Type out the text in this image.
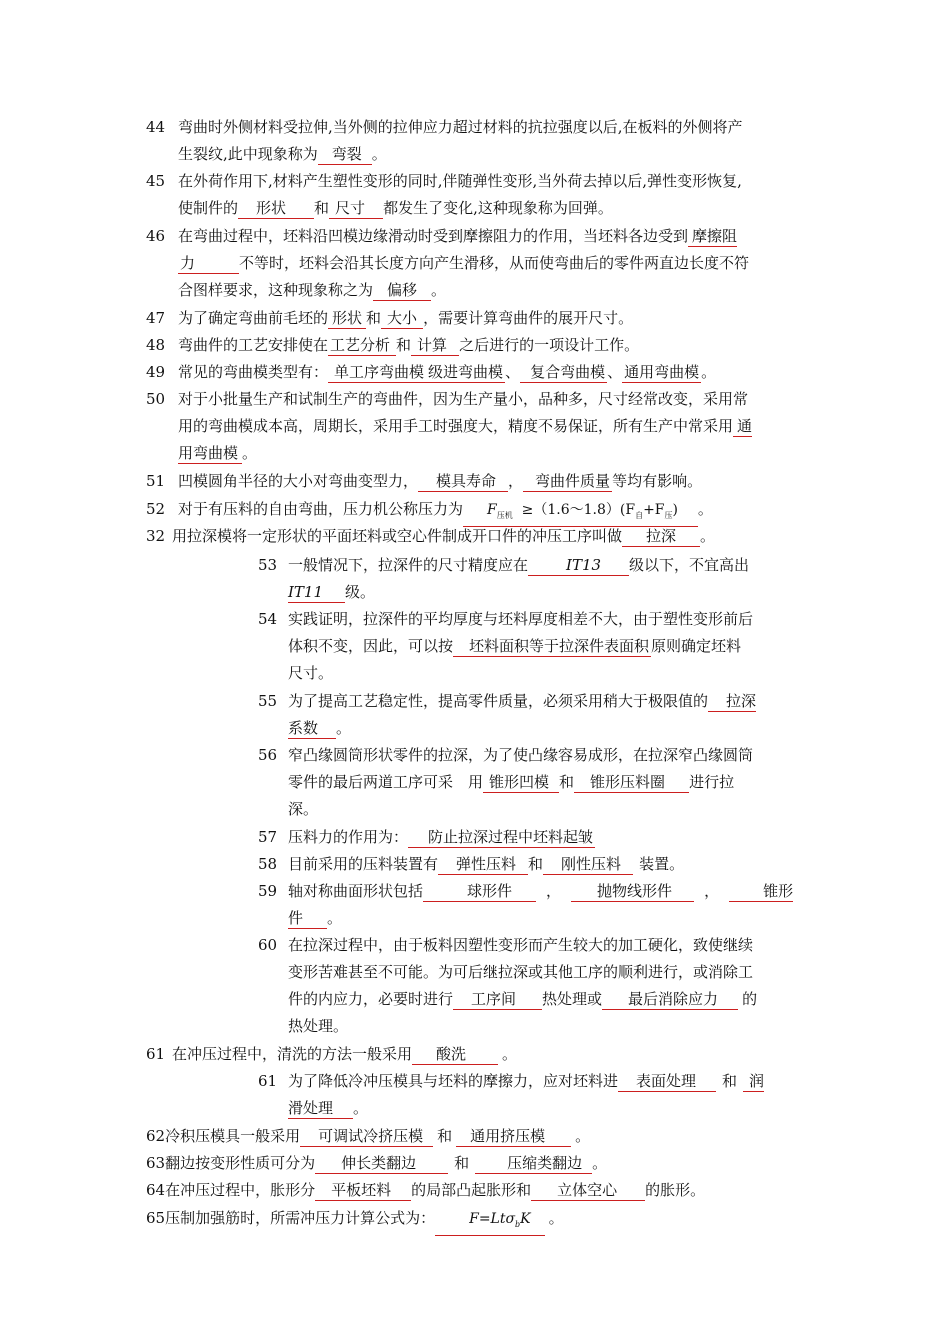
44 弯曲时外侧材料受拉伸,当外侧的拉伸应力超过材料的抗拉强度以后,在板料的外侧将产
生裂纹,此中现象称为 弯裂 。
45 在外荷作用下,材料产生塑性变形的同时,伴随弹性变形,当外荷去掉以后,弹性变形恢复,
使制件的 形状 和 尺寸 都发生了变化,这种现象称为回弹。
46 在弯曲过程中，坯料沿凹模边缘滑动时受到摩擦阻力的作用，当坯料各边受到 摩擦阻
力	不等时，坯料会沿其长度方向产生滑移，从而使弯曲后的零件两直边长度不符
合图样要求，这种现象称之为 偏移 。
47 为了确定弯曲前毛坯的 形状 和 大小 ，需要计算弯曲件的展开尺寸。
48 弯曲件的工艺安排使在 工艺分析 和 计算 之后进行的一项设计工作。
49 常见的弯曲模类型有： 单工序弯曲模 级进弯曲模 、 复合弯曲模 、 通用弯曲模 。
50 对于小批量生产和试制生产的弯曲件，因为生产量小，品种多，尺寸经常改变，采用常
用的弯曲模成本高，周期长，采用手工时强度大，精度不易保证，所有生产中常采用 通
用弯曲模 。
51 凹模圆角半径的大小对弯曲变型力， 模具寿命 ， 弯曲件质量 等均有影响。
52 对于有压料的自由弯曲，压力机公称压力为 $F_{压机}$ $\ge(1.6\sim 1.8)(F_自+F_压)$ 。
32 用拉深模将一定形状的平面坯料或空心件制成开口件的冲压工序叫做 拉深 。
53 一般情况下，拉深件的尺寸精度应在	IT13 级以下，不宜高出
IT11 级。
54 实践证明，拉深件的平均厚度与坯料厚度相差不大，由于塑性变形前后
体积不变，因此，可以按 坯料面积等于拉深件表面积 原则确定坯料
尺寸。
55 为了提高工艺稳定性，提高零件质量，必须采用稍大于极限值的 拉深
系数 。
56 窄凸缘圆筒形状零件的拉深，为了使凸缘容易成形，在拉深窄凸缘圆筒
零件的最后两道工序可采　用 锥形凹模 和 锥形压料圈 进行拉
深。
57 压料力的作用为： 防止拉深过程中坯料起皱
58 目前采用的压料装置有 弹性压料 和 刚性压料 装置。
59 轴对称曲面形状包括	球形件 ， 抛物线形件 ，	锥形
件 。
60 在拉深过程中，由于板料因塑性变形而产生较大的加工硬化，致使继续
变形苦难甚至不可能。为可后继拉深或其他工序的顺利进行，或消除工
件的内应力，必要时进行 工序间 热处理或 最后消除应力 的
热处理。
61 在冲压过程中，清洗的方法一般采用 酸洗 。
61 为了降低冷冲压模具与坯料的摩擦力，应对坯料进 表面处理 和 润
滑处理 。
62冷积压模具一般采用 可调试冷挤压模 和 通用挤压模 。
63翻边按变形性质可分为 伸长类翻边	和	压缩类翻边 。
64在冲压过程中，胀形分 平板坯料 的局部凸起胀形和 立体空心 的胀形。
65压制加强筋时，所需冲压力计算公式为： F=Ltσ$_b$K 。
